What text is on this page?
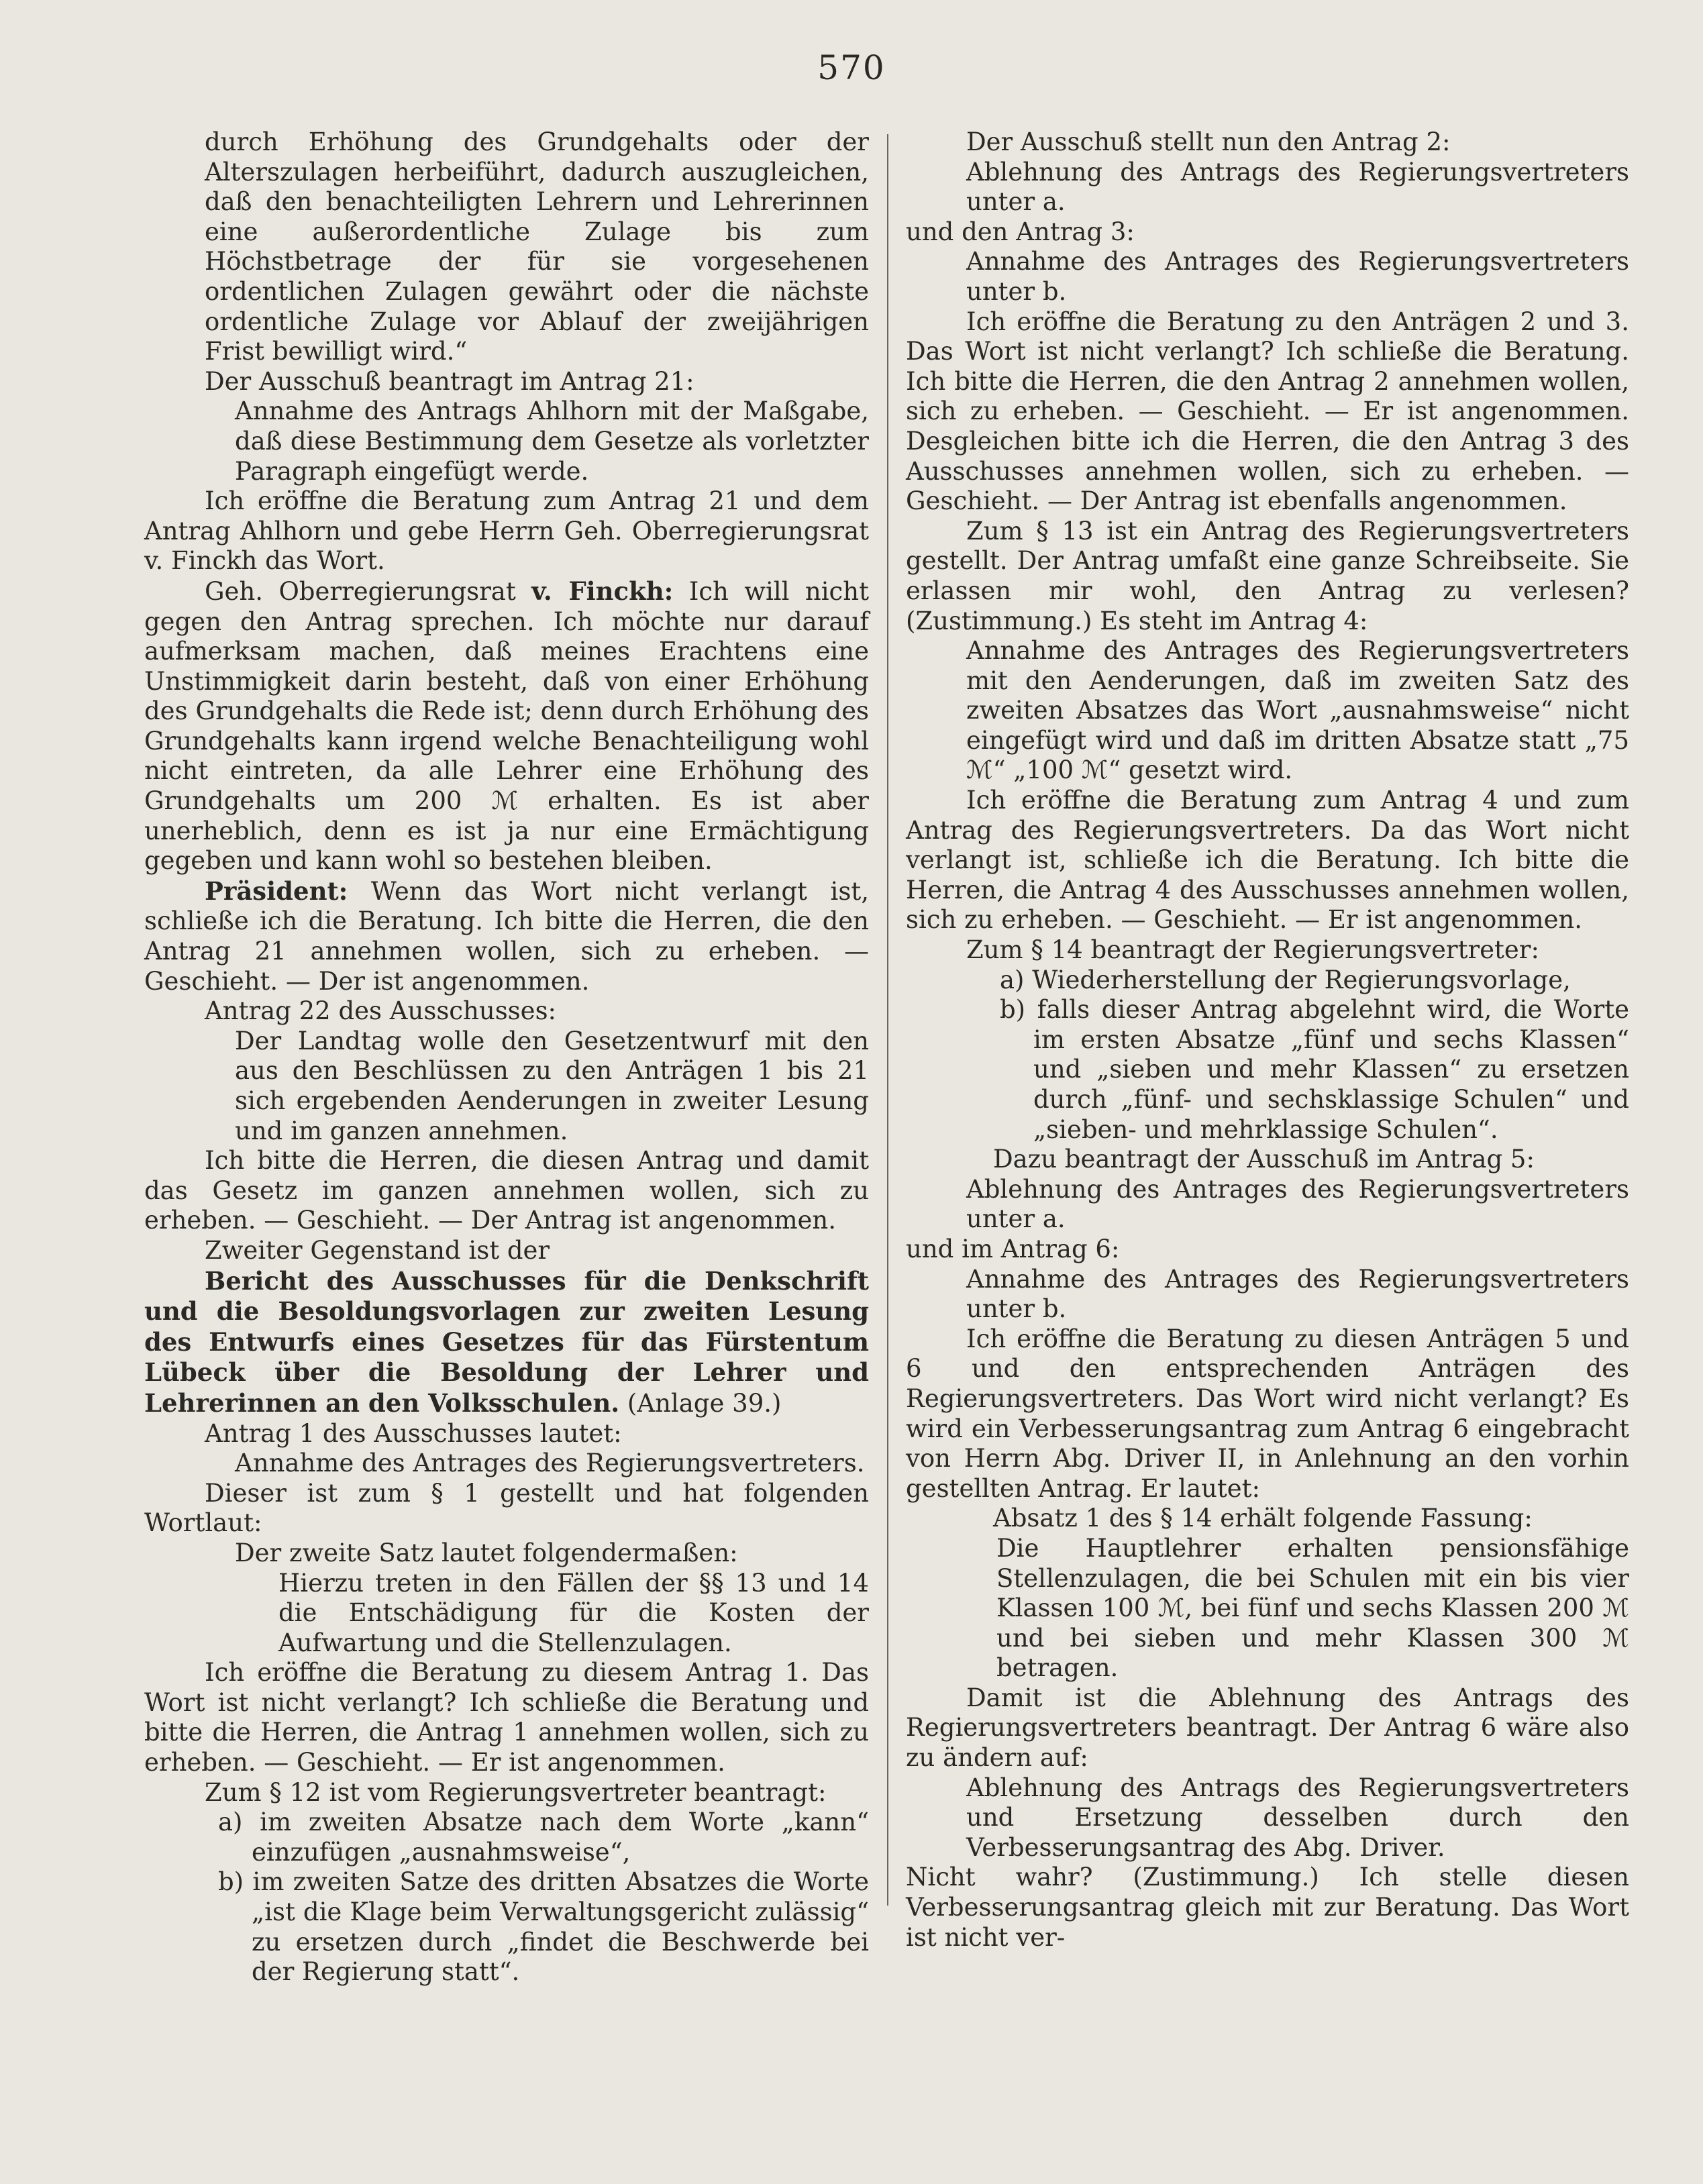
570

durch Erhöhung des Grundgehalts oder der Alterszulagen herbeiführt, dadurch auszugleichen, daß den benachteiligten Lehrern und Lehrerinnen eine außerordentliche Zulage bis zum Höchstbetrage der für sie vorgesehenen ordentlichen Zulagen gewährt oder die nächste ordentliche Zulage vor Ablauf der zweijährigen Frist bewilligt wird.“

Der Ausschuß beantragt im Antrag 21:

Annahme des Antrags Ahlhorn mit der Maßgabe, daß diese Bestimmung dem Gesetze als vorletzter Paragraph eingefügt werde.

Ich eröffne die Beratung zum Antrag 21 und dem Antrag Ahlhorn und gebe Herrn Geh. Oberregierungsrat v. Finckh das Wort.

Geh. Oberregierungsrat v. Finckh: Ich will nicht gegen den Antrag sprechen. Ich möchte nur darauf aufmerksam machen, daß meines Erachtens eine Unstimmigkeit darin besteht, daß von einer Erhöhung des Grundgehalts die Rede ist; denn durch Erhöhung des Grundgehalts kann irgend welche Benachteiligung wohl nicht eintreten, da alle Lehrer eine Erhöhung des Grundgehalts um 200 ℳ erhalten. Es ist aber unerheblich, denn es ist ja nur eine Ermächtigung gegeben und kann wohl so bestehen bleiben.

Präsident: Wenn das Wort nicht verlangt ist, schließe ich die Beratung. Ich bitte die Herren, die den Antrag 21 annehmen wollen, sich zu erheben. — Geschieht. — Der ist angenommen.

Antrag 22 des Ausschusses:

Der Landtag wolle den Gesetzentwurf mit den aus den Beschlüssen zu den Anträgen 1 bis 21 sich ergebenden Aenderungen in zweiter Lesung und im ganzen annehmen.

Ich bitte die Herren, die diesen Antrag und damit das Gesetz im ganzen annehmen wollen, sich zu erheben. — Geschieht. — Der Antrag ist angenommen.

Zweiter Gegenstand ist der

Bericht des Ausschusses für die Denkschrift und die Besoldungsvorlagen zur zweiten Lesung des Entwurfs eines Gesetzes für das Fürstentum Lübeck über die Besoldung der Lehrer und Lehrerinnen an den Volksschulen. (Anlage 39.)

Antrag 1 des Ausschusses lautet:

Annahme des Antrages des Regierungsvertreters.

Dieser ist zum § 1 gestellt und hat folgenden Wortlaut:

Der zweite Satz lautet folgendermaßen:

Hierzu treten in den Fällen der §§ 13 und 14 die Entschädigung für die Kosten der Aufwartung und die Stellenzulagen.

Ich eröffne die Beratung zu diesem Antrag 1. Das Wort ist nicht verlangt? Ich schließe die Beratung und bitte die Herren, die Antrag 1 annehmen wollen, sich zu erheben. — Geschieht. — Er ist angenommen.

Zum § 12 ist vom Regierungsvertreter beantragt:

a) im zweiten Absatze nach dem Worte „kann“ einzufügen „ausnahmsweise“,

b) im zweiten Satze des dritten Absatzes die Worte „ist die Klage beim Verwaltungsgericht zulässig“ zu ersetzen durch „findet die Beschwerde bei der Regierung statt“.

Der Ausschuß stellt nun den Antrag 2:

Ablehnung des Antrags des Regierungsvertreters unter a.

und den Antrag 3:

Annahme des Antrages des Regierungsvertreters unter b.

Ich eröffne die Beratung zu den Anträgen 2 und 3. Das Wort ist nicht verlangt? Ich schließe die Beratung. Ich bitte die Herren, die den Antrag 2 annehmen wollen, sich zu erheben. — Geschieht. — Er ist angenommen. Desgleichen bitte ich die Herren, die den Antrag 3 des Ausschusses annehmen wollen, sich zu erheben. — Geschieht. — Der Antrag ist ebenfalls angenommen.

Zum § 13 ist ein Antrag des Regierungsvertreters gestellt. Der Antrag umfaßt eine ganze Schreibseite. Sie erlassen mir wohl, den Antrag zu verlesen? (Zustimmung.) Es steht im Antrag 4:

Annahme des Antrages des Regierungsvertreters mit den Aenderungen, daß im zweiten Satz des zweiten Absatzes das Wort „ausnahmsweise“ nicht eingefügt wird und daß im dritten Absatze statt „75 ℳ“ „100 ℳ“ gesetzt wird.

Ich eröffne die Beratung zum Antrag 4 und zum Antrag des Regierungsvertreters. Da das Wort nicht verlangt ist, schließe ich die Beratung. Ich bitte die Herren, die Antrag 4 des Ausschusses annehmen wollen, sich zu erheben. — Geschieht. — Er ist angenommen.

Zum § 14 beantragt der Regierungsvertreter:

a) Wiederherstellung der Regierungsvorlage,

b) falls dieser Antrag abgelehnt wird, die Worte im ersten Absatze „fünf und sechs Klassen“ und „sieben und mehr Klassen“ zu ersetzen durch „fünf- und sechsklassige Schulen“ und „sieben- und mehrklassige Schulen“.

Dazu beantragt der Ausschuß im Antrag 5:

Ablehnung des Antrages des Regierungsvertreters unter a.

und im Antrag 6:

Annahme des Antrages des Regierungsvertreters unter b.

Ich eröffne die Beratung zu diesen Anträgen 5 und 6 und den entsprechenden Anträgen des Regierungsvertreters. Das Wort wird nicht verlangt? Es wird ein Verbesserungsantrag zum Antrag 6 eingebracht von Herrn Abg. Driver II, in Anlehnung an den vorhin gestellten Antrag. Er lautet:

Absatz 1 des § 14 erhält folgende Fassung:

Die Hauptlehrer erhalten pensionsfähige Stellenzulagen, die bei Schulen mit ein bis vier Klassen 100 ℳ, bei fünf und sechs Klassen 200 ℳ und bei sieben und mehr Klassen 300 ℳ betragen.

Damit ist die Ablehnung des Antrags des Regierungsvertreters beantragt. Der Antrag 6 wäre also zu ändern auf:

Ablehnung des Antrags des Regierungsvertreters und Ersetzung desselben durch den Verbesserungsantrag des Abg. Driver.

Nicht wahr? (Zustimmung.) Ich stelle diesen Verbesserungsantrag gleich mit zur Beratung. Das Wort ist nicht ver-
